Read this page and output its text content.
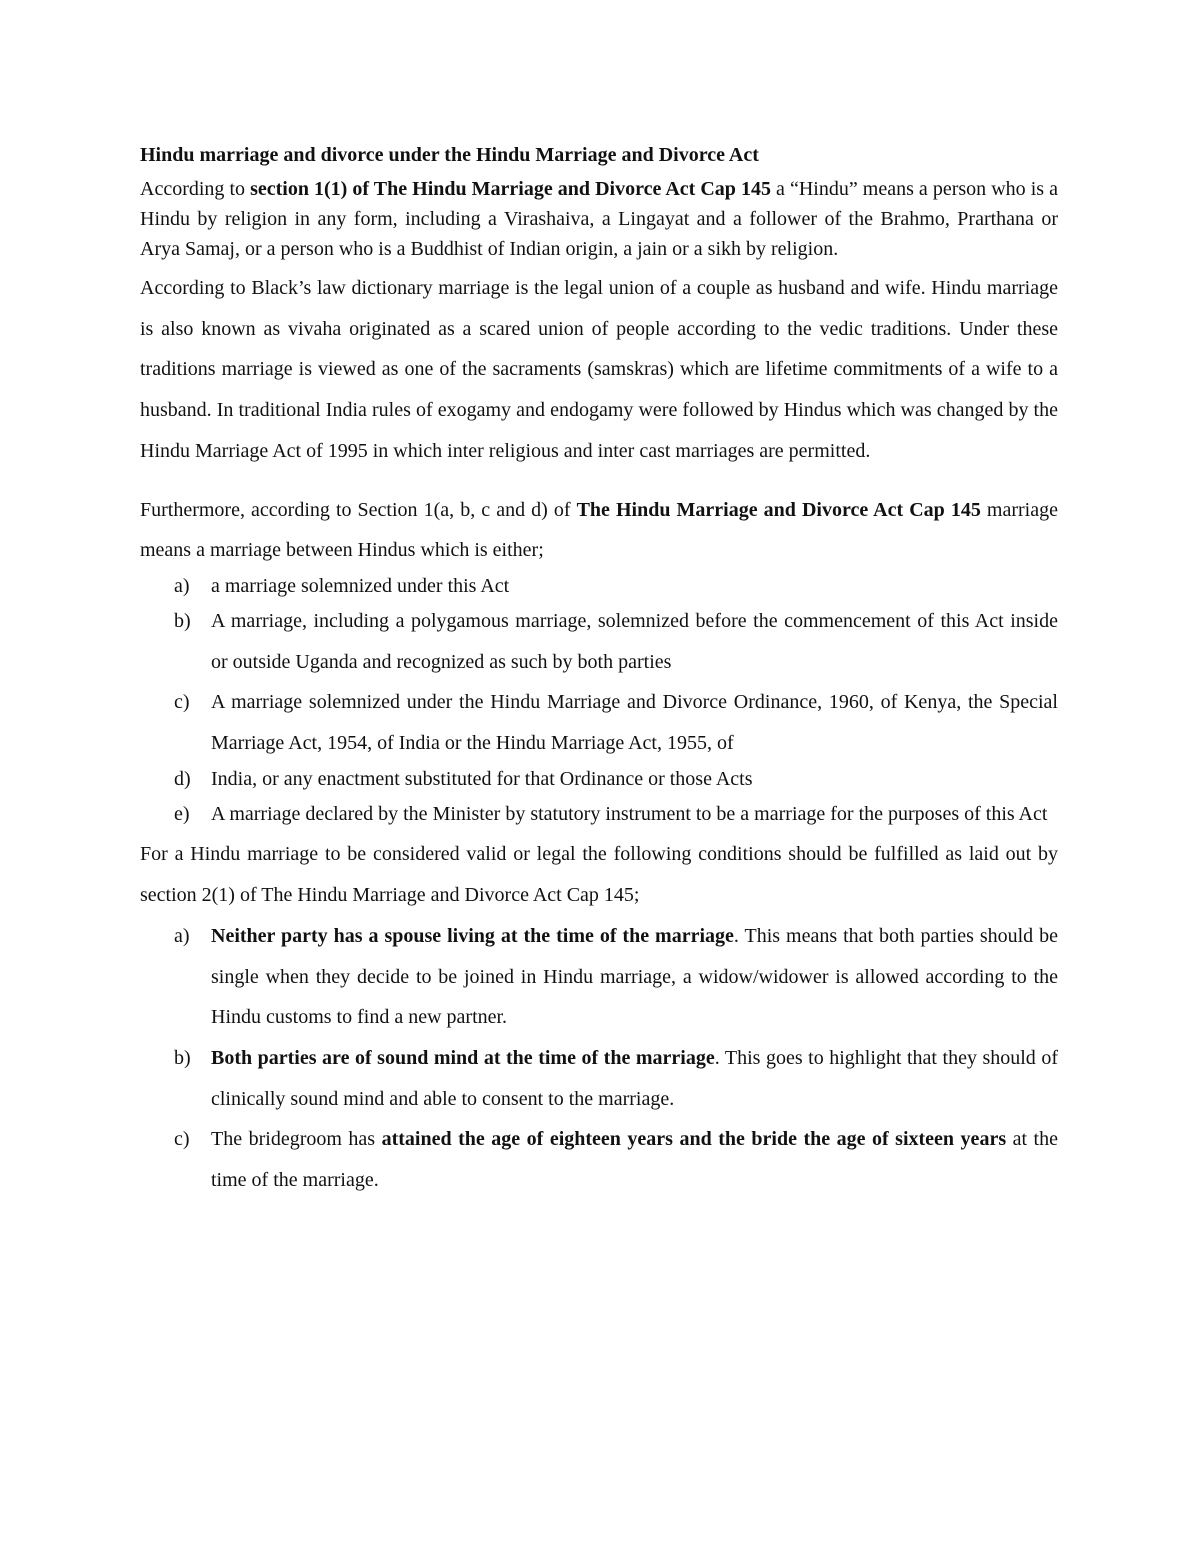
Hindu marriage and divorce under the Hindu Marriage and Divorce Act

According to section 1(1) of The Hindu Marriage and Divorce Act Cap 145 a “Hindu” means a person who is a Hindu by religion in any form, including a Virashaiva, a Lingayat and a follower of the Brahmo, Prarthana or Arya Samaj, or a person who is a Buddhist of Indian origin, a jain or a sikh by religion.

According to Black’s law dictionary marriage is the legal union of a couple as husband and wife. Hindu marriage is also known as vivaha originated as a scared union of people according to the vedic traditions. Under these traditions marriage is viewed as one of the sacraments (samskras) which are lifetime commitments of a wife to a husband. In traditional India rules of exogamy and endogamy were followed by Hindus which was changed by the Hindu Marriage Act of 1995 in which inter religious and inter cast marriages are permitted.

Furthermore, according to Section 1(a, b, c and d) of The Hindu Marriage and Divorce Act Cap 145 marriage means a marriage between Hindus which is either;

a) a marriage solemnized under this Act
b) A marriage, including a polygamous marriage, solemnized before the commencement of this Act inside or outside Uganda and recognized as such by both parties
c) A marriage solemnized under the Hindu Marriage and Divorce Ordinance, 1960, of Kenya, the Special Marriage Act, 1954, of India or the Hindu Marriage Act, 1955, of
d) India, or any enactment substituted for that Ordinance or those Acts
e) A marriage declared by the Minister by statutory instrument to be a marriage for the purposes of this Act

For a Hindu marriage to be considered valid or legal the following conditions should be fulfilled as laid out by section 2(1) of The Hindu Marriage and Divorce Act Cap 145;

a) Neither party has a spouse living at the time of the marriage. This means that both parties should be single when they decide to be joined in Hindu marriage, a widow/widower is allowed according to the Hindu customs to find a new partner.
b) Both parties are of sound mind at the time of the marriage. This goes to highlight that they should of clinically sound mind and able to consent to the marriage.
c) The bridegroom has attained the age of eighteen years and the bride the age of sixteen years at the time of the marriage.
